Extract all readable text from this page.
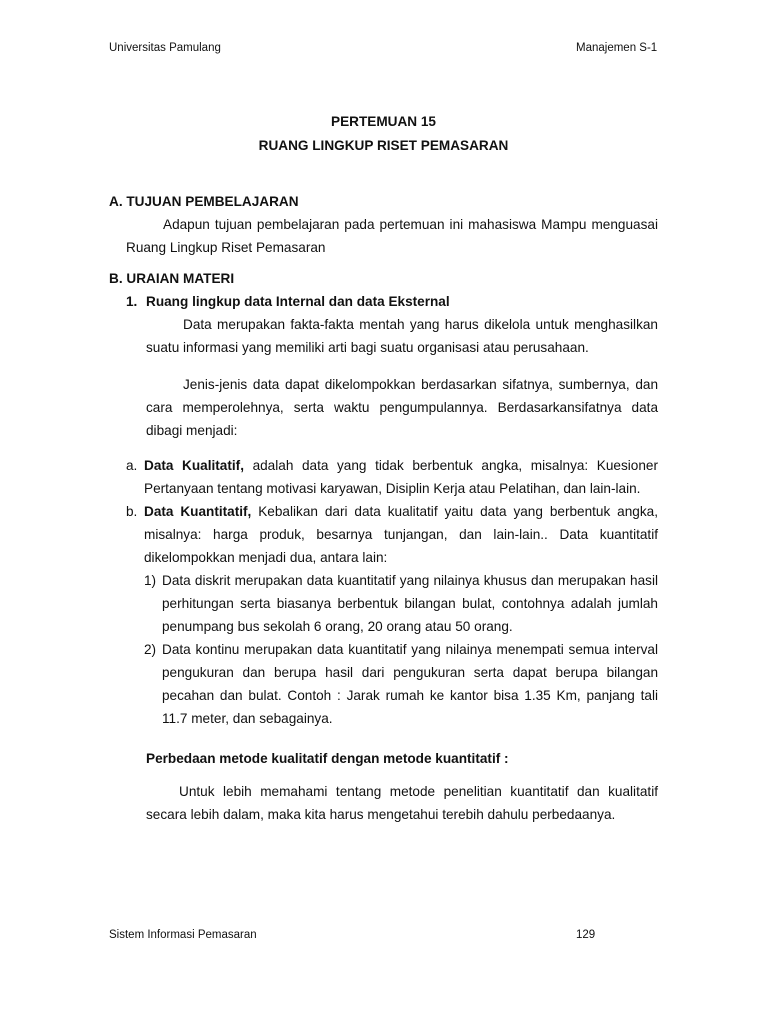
Universitas Pamulang	Manajemen S-1
PERTEMUAN 15
RUANG LINGKUP RISET PEMASARAN
A. TUJUAN PEMBELAJARAN

Adapun tujuan pembelajaran pada pertemuan ini mahasiswa Mampu menguasai Ruang Lingkup Riset Pemasaran

B. URAIAN MATERI
1. Ruang lingkup data Internal dan data Eksternal

Data merupakan fakta-fakta mentah yang harus dikelola untuk menghasilkan suatu informasi yang memiliki arti bagi suatu organisasi atau perusahaan.

Jenis-jenis data dapat dikelompokkan berdasarkan sifatnya, sumbernya, dan cara memperolehnya, serta waktu pengumpulannya. Berdasarkansifatnya data dibagi menjadi:

a. Data Kualitatif, adalah data yang tidak berbentuk angka, misalnya: Kuesioner Pertanyaan tentang motivasi karyawan, Disiplin Kerja atau Pelatihan, dan lain-lain.
b. Data Kuantitatif, Kebalikan dari data kualitatif yaitu data yang berbentuk angka, misalnya: harga produk, besarnya tunjangan, dan lain-lain.. Data kuantitatif dikelompokkan menjadi dua, antara lain:
1) Data diskrit merupakan data kuantitatif yang nilainya khusus dan merupakan hasil perhitungan serta biasanya berbentuk bilangan bulat, contohnya adalah jumlah penumpang bus sekolah 6 orang, 20 orang atau 50 orang.
2) Data kontinu merupakan data kuantitatif yang nilainya menempati semua interval pengukuran dan berupa hasil dari pengukuran serta dapat berupa bilangan pecahan dan bulat. Contoh : Jarak rumah ke kantor bisa 1.35 Km, panjang tali 11.7 meter, dan sebagainya.
Perbedaan metode kualitatif dengan metode kuantitatif :

Untuk lebih memahami tentang metode penelitian kuantitatif dan kualitatif secara lebih dalam, maka kita harus mengetahui terebih dahulu perbedaanya.

Sistem Informasi Pemasaran	129
